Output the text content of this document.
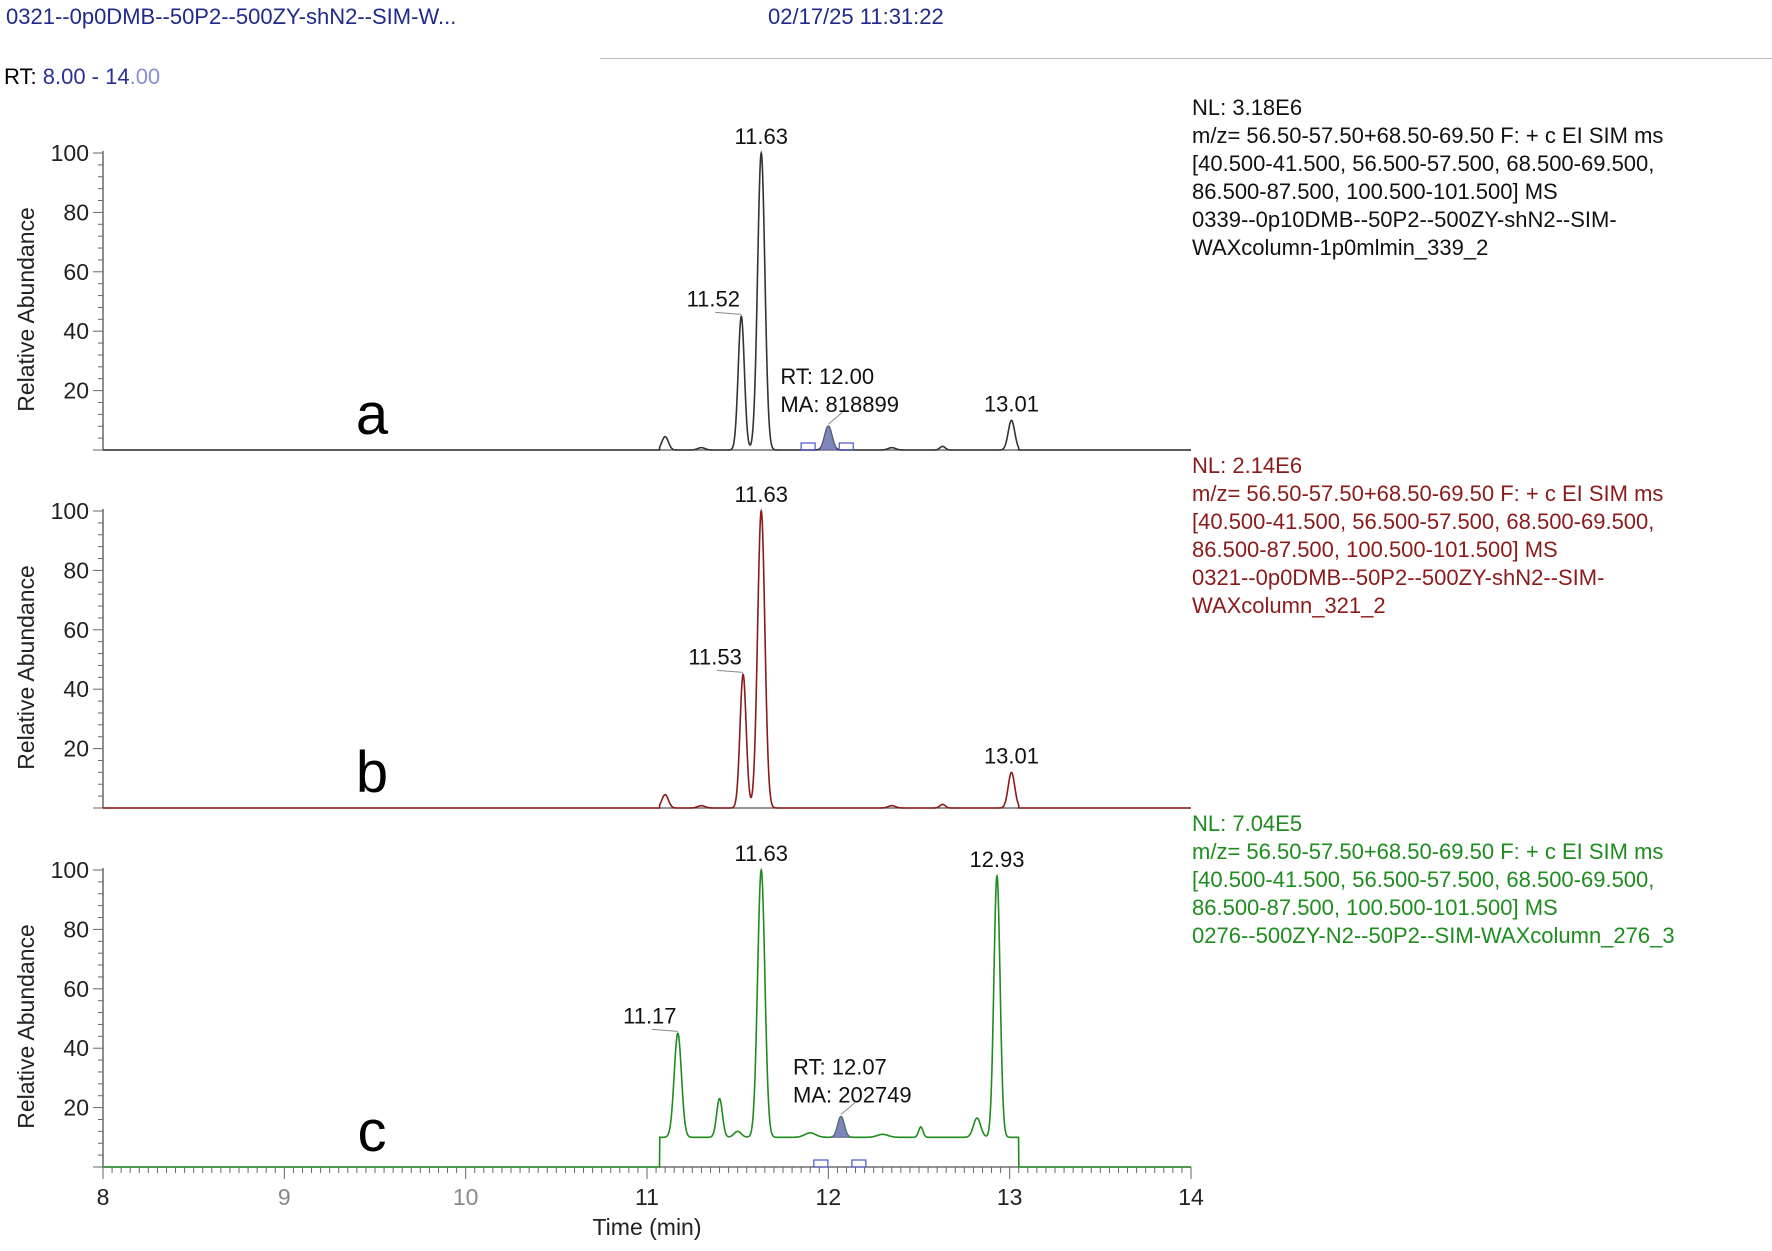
0321--0p0DMB--50P2--500ZY-shN2--SIM-W...	02/17/25 11:31:22
RT: 8.00 - 14.00
NL: 3.18E6
m/z= 56.50-57.50+68.50-69.50 F: + c EI SIM ms
[40.500-41.500, 56.500-57.500, 68.500-69.500,
86.500-87.500, 100.500-101.500] MS
0339--0p10DMB--50P2--500ZY-shN2--SIM-
WAXcolumn-1p0mlmin_339_2
NL: 2.14E6
m/z= 56.50-57.50+68.50-69.50 F: + c EI SIM ms
[40.500-41.500, 56.500-57.500, 68.500-69.500,
86.500-87.500, 100.500-101.500] MS
0321--0p0DMB--50P2--500ZY-shN2--SIM-
WAXcolumn_321_2
NL: 7.04E5
m/z= 56.50-57.50+68.50-69.50 F: + c EI SIM ms
[40.500-41.500, 56.500-57.500, 68.500-69.500,
86.500-87.500, 100.500-101.500] MS
0276--500ZY-N2--50P2--SIM-WAXcolumn_276_3
20
40
60
80
100
Relative Abundance	RT: 12.00
MA: 818899
11.52
11.63
13.01
a
20
40
60
80
100
Relative Abundance	11.53
11.63
13.01
b
20
40
60
80
100
Relative Abundance	RT: 12.07
MA: 202749
11.17
11.63	12.93
c
8	9	10	11	12	13	14
Time (min)
